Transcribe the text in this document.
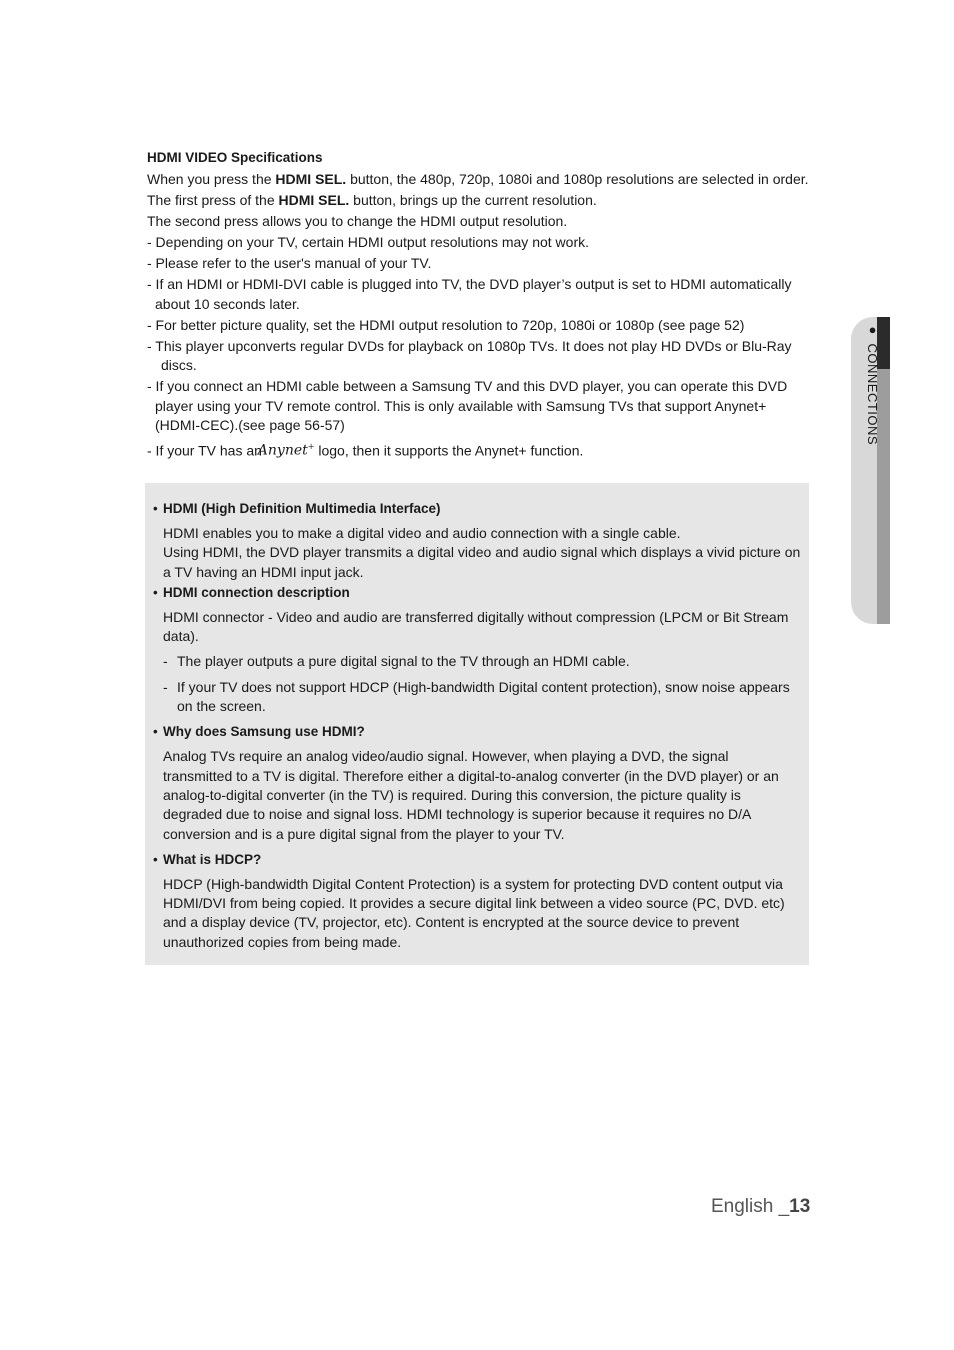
HDMI VIDEO Specifications
When you press the HDMI SEL. button, the 480p, 720p, 1080i and 1080p resolutions are selected in order.
The first press of the HDMI SEL. button, brings up the current resolution.
The second press allows you to change the HDMI output resolution.
- Depending on your TV, certain HDMI output resolutions may not work.
- Please refer to the user's manual of your TV.
- If an HDMI or HDMI-DVI cable is plugged into TV, the DVD player’s output is set to HDMI automatically about 10 seconds later.
- For better picture quality, set the HDMI output resolution to 720p, 1080i or 1080p (see page 52)
- This player upconverts regular DVDs for playback on 1080p TVs. It does not play HD DVDs or Blu-Ray discs.
- If you connect an HDMI cable between a Samsung TV and this DVD player, you can operate this DVD player using your TV remote control. This is only available with Samsung TVs that support Anynet+(HDMI-CEC).(see page 56-57)
- If your TV has an Anynet+ logo, then it supports the Anynet+ function.
• HDMI (High Definition Multimedia Interface)

HDMI enables you to make a digital video and audio connection with a single cable.

Using HDMI, the DVD player transmits a digital video and audio signal which displays a vivid picture on a TV having an HDMI input jack.

• HDMI connection description

HDMI connector - Video and audio are transferred digitally without compression (LPCM or Bit Stream data).

- The player outputs a pure digital signal to the TV through an HDMI cable.
- If your TV does not support HDCP (High-bandwidth Digital content protection), snow noise appears on the screen.
• Why does Samsung use HDMI?

Analog TVs require an analog video/audio signal. However, when playing a DVD, the signal transmitted to a TV is digital. Therefore either a digital-to-analog converter (in the DVD player) or an analog-to-digital converter (in the TV) is required. During this conversion, the picture quality is degraded due to noise and signal loss. HDMI technology is superior because it requires no D/A conversion and is a pure digital signal from the player to your TV.

• What is HDCP?

HDCP (High-bandwidth Digital Content Protection) is a system for protecting DVD content output via HDMI/DVI from being copied. It provides a secure digital link between a video source (PC, DVD. etc) and a display device (TV, projector, etc). Content is encrypted at the source device to prevent unauthorized copies from being made.

●CONNECTIONS
English _13
